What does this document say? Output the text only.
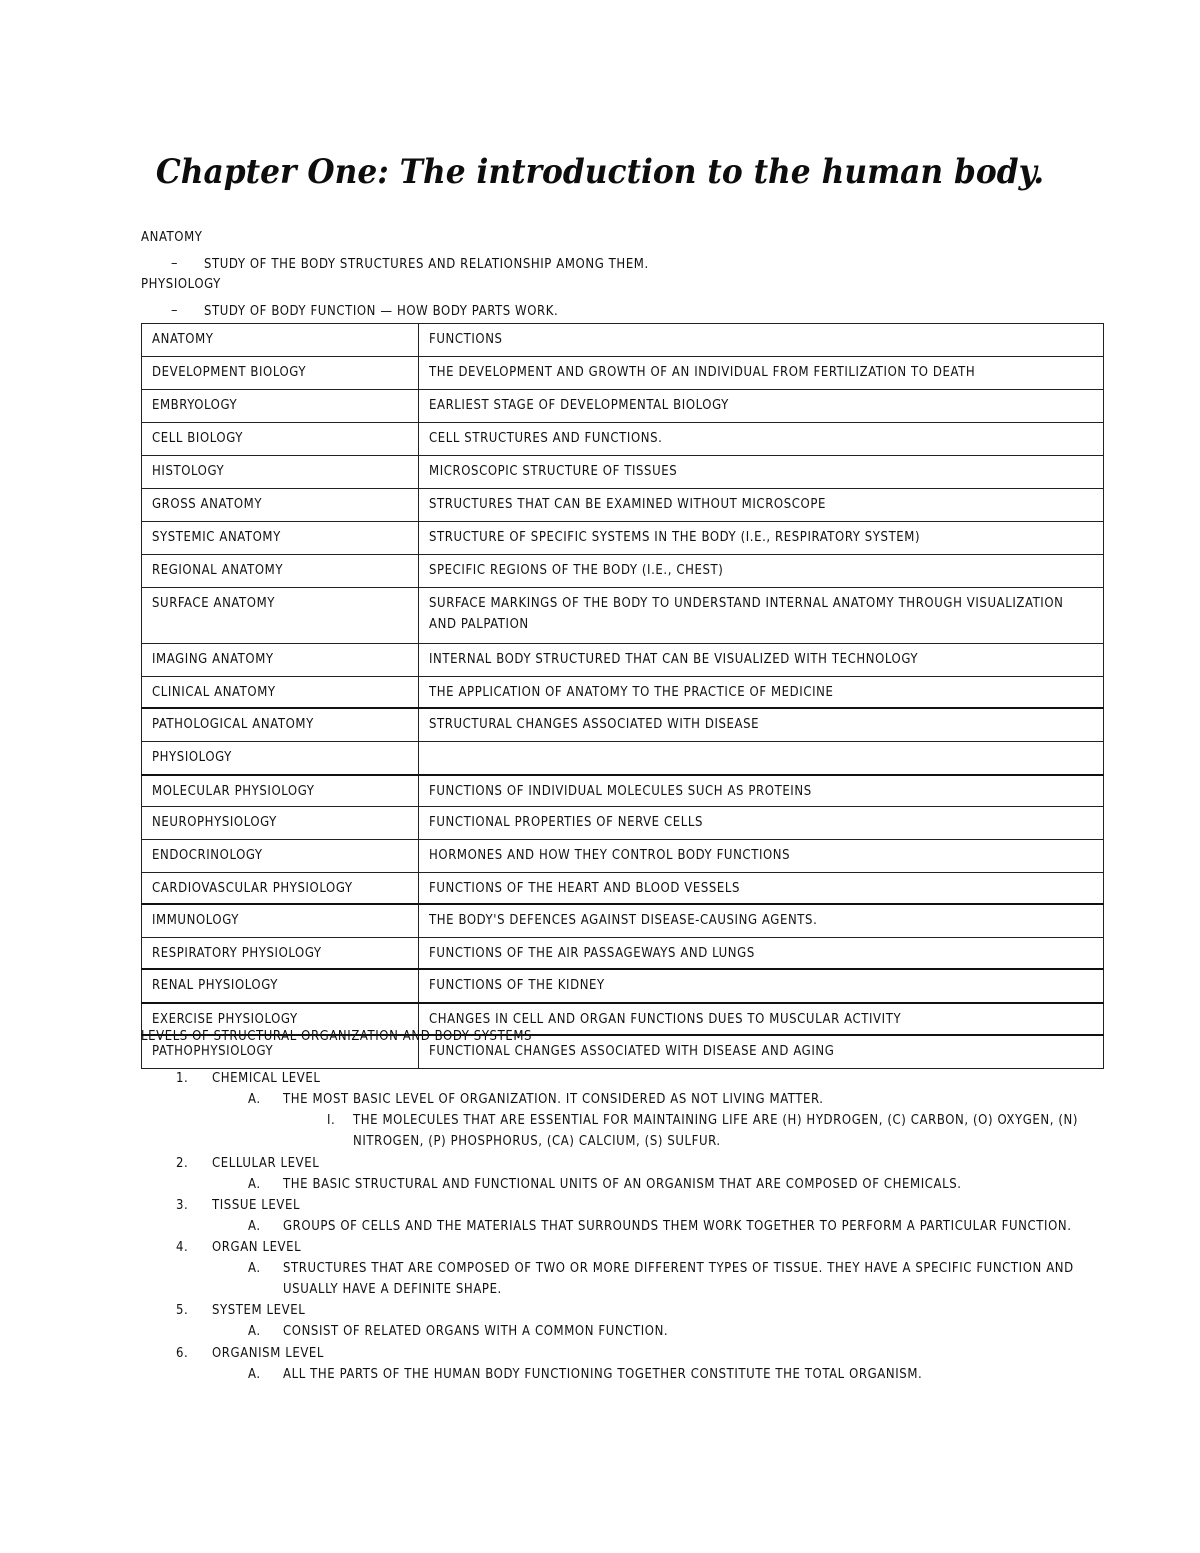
Chapter One: The introduction to the human body.
ANATOMY
– STUDY OF THE BODY STRUCTURES AND RELATIONSHIP AMONG THEM.
PHYSIOLOGY
– STUDY OF BODY FUNCTION — HOW BODY PARTS WORK.
ANATOMY	FUNCTIONS
DEVELOPMENT BIOLOGY	THE DEVELOPMENT AND GROWTH OF AN INDIVIDUAL FROM FERTILIZATION TO DEATH
EMBRYOLOGY	EARLIEST STAGE OF DEVELOPMENTAL BIOLOGY
CELL BIOLOGY	CELL STRUCTURES AND FUNCTIONS.
HISTOLOGY	MICROSCOPIC STRUCTURE OF TISSUES
GROSS ANATOMY	STRUCTURES THAT CAN BE EXAMINED WITHOUT MICROSCOPE
SYSTEMIC ANATOMY	STRUCTURE OF SPECIFIC SYSTEMS IN THE BODY (I.E., RESPIRATORY SYSTEM)
REGIONAL ANATOMY	SPECIFIC REGIONS OF THE BODY (I.E., CHEST)
SURFACE ANATOMY	SURFACE MARKINGS OF THE BODY TO UNDERSTAND INTERNAL ANATOMY THROUGH VISUALIZATION AND PALPATION
IMAGING ANATOMY	INTERNAL BODY STRUCTURED THAT CAN BE VISUALIZED WITH TECHNOLOGY
CLINICAL ANATOMY	THE APPLICATION OF ANATOMY TO THE PRACTICE OF MEDICINE
PATHOLOGICAL ANATOMY	STRUCTURAL CHANGES ASSOCIATED WITH DISEASE
PHYSIOLOGY	
MOLECULAR PHYSIOLOGY	FUNCTIONS OF INDIVIDUAL MOLECULES SUCH AS PROTEINS
NEUROPHYSIOLOGY	FUNCTIONAL PROPERTIES OF NERVE CELLS
ENDOCRINOLOGY	HORMONES AND HOW THEY CONTROL BODY FUNCTIONS
CARDIOVASCULAR PHYSIOLOGY	FUNCTIONS OF THE HEART AND BLOOD VESSELS
IMMUNOLOGY	THE BODY'S DEFENCES AGAINST DISEASE-CAUSING AGENTS.
RESPIRATORY PHYSIOLOGY	FUNCTIONS OF THE AIR PASSAGEWAYS AND LUNGS
RENAL PHYSIOLOGY	FUNCTIONS OF THE KIDNEY
EXERCISE PHYSIOLOGY	CHANGES IN CELL AND ORGAN FUNCTIONS DUES TO MUSCULAR ACTIVITY
PATHOPHYSIOLOGY	FUNCTIONAL CHANGES ASSOCIATED WITH DISEASE AND AGING
LEVELS OF STRUCTURAL ORGANIZATION AND BODY SYSTEMS
1. CHEMICAL LEVEL
A. THE MOST BASIC LEVEL OF ORGANIZATION. IT CONSIDERED AS NOT LIVING MATTER.
I. THE MOLECULES THAT ARE ESSENTIAL FOR MAINTAINING LIFE ARE (H) HYDROGEN, (C) CARBON, (O) OXYGEN, (N)
NITROGEN, (P) PHOSPHORUS, (CA) CALCIUM, (S) SULFUR.
2. CELLULAR LEVEL
A. THE BASIC STRUCTURAL AND FUNCTIONAL UNITS OF AN ORGANISM THAT ARE COMPOSED OF CHEMICALS.
3. TISSUE LEVEL
A. GROUPS OF CELLS AND THE MATERIALS THAT SURROUNDS THEM WORK TOGETHER TO PERFORM A PARTICULAR FUNCTION.
4. ORGAN LEVEL
A. STRUCTURES THAT ARE COMPOSED OF TWO OR MORE DIFFERENT TYPES OF TISSUE. THEY HAVE A SPECIFIC FUNCTION AND
USUALLY HAVE A DEFINITE SHAPE.
5. SYSTEM LEVEL
A. CONSIST OF RELATED ORGANS WITH A COMMON FUNCTION.
6. ORGANISM LEVEL
A. ALL THE PARTS OF THE HUMAN BODY FUNCTIONING TOGETHER CONSTITUTE THE TOTAL ORGANISM.
